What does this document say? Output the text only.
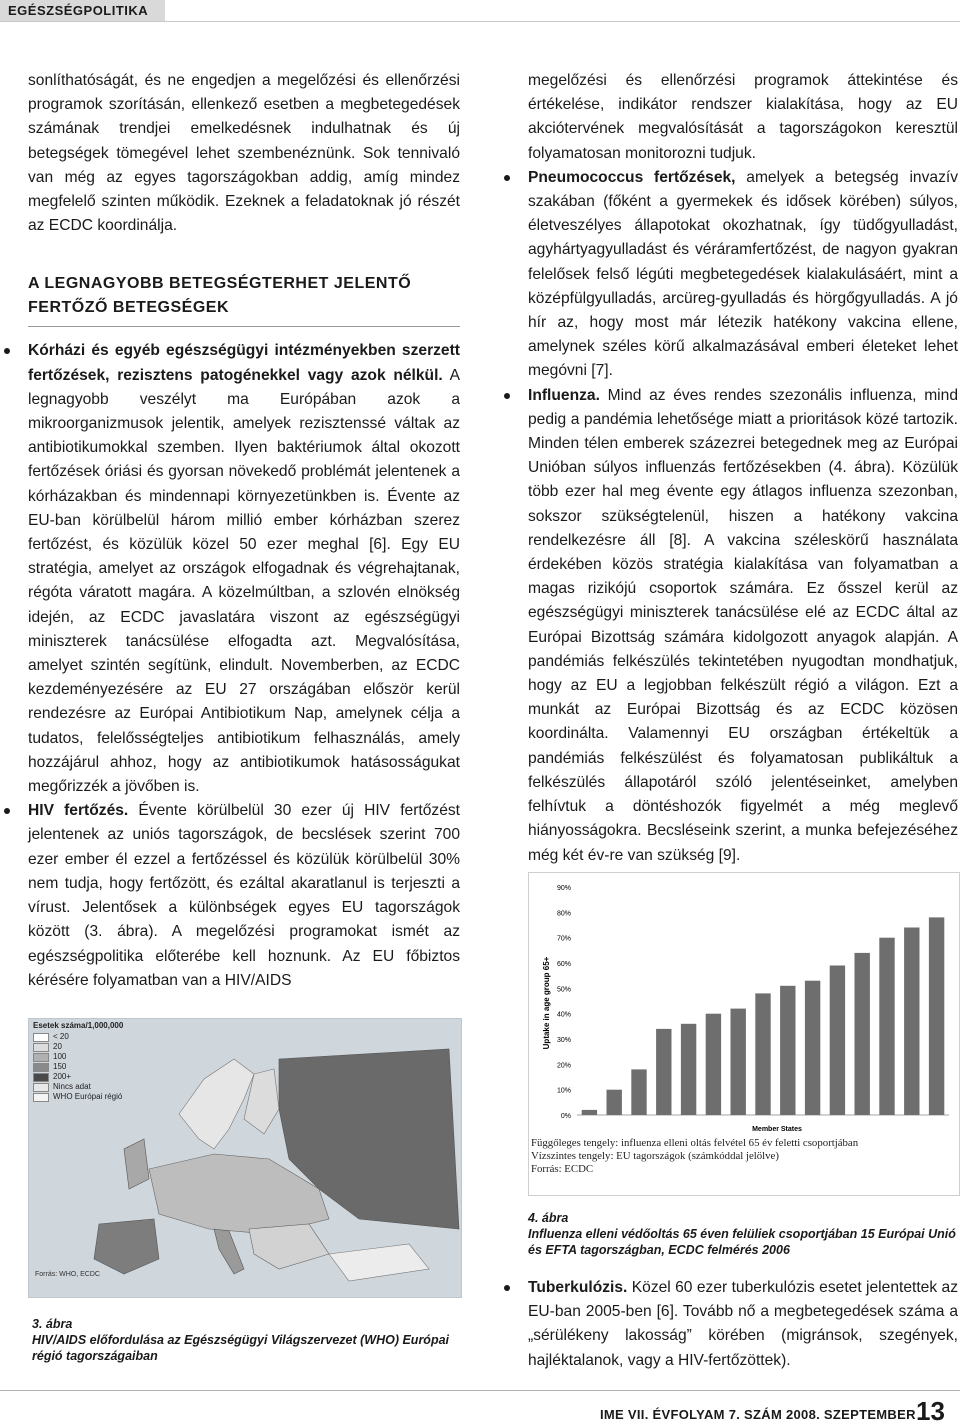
EGÉSZSÉGPOLITIKA

sonlíthatóságát, és ne engedjen a megelőzési és ellenőrzési programok szorításán, ellenkező esetben a megbetegedések számának trendjei emelkedésnek indulhatnak és új betegségek tömegével lehet szembenéznünk. Sok tennivaló van még az egyes tagországokban addig, amíg mindez megfelelő szinten működik. Ezeknek a feladatoknak jó részét az ECDC koordinálja.

A LEGNAGYOBB BETEGSÉGTERHET JELENTŐ FERTŐZŐ BETEGSÉGEK

Kórházi és egyéb egészségügyi intézményekben szerzett fertőzések, rezisztens patogénekkel vagy azok nélkül. A legnagyobb veszélyt ma Európában azok a mikroorganizmusok jelentik, amelyek rezisztenssé váltak az antibiotikumokkal szemben. Ilyen baktériumok által okozott fertőzések óriási és gyorsan növekedő problémát jelentenek a kórházakban és mindennapi környezetünkben is. Évente az EU-ban körülbelül három millió ember kórházban szerez fertőzést, és közülük közel 50 ezer meghal [6]. Egy EU stratégia, amelyet az országok elfogadnak és végrehajtanak, régóta váratott magára. A közelmúltban, a szlovén elnökség idején, az ECDC javaslatára viszont az egészségügyi miniszterek tanácsülése elfogadta azt. Megvalósítása, amelyet szintén segítünk, elindult. Novemberben, az ECDC kezdeményezésére az EU 27 országában először kerül rendezésre az Európai Antibiotikum Nap, amelynek célja a tudatos, felelősségteljes antibiotikum felhasználás, amely hozzájárul ahhoz, hogy az antibiotikumok hatásosságukat megőrizzék a jövőben is.

HIV fertőzés. Évente körülbelül 30 ezer új HIV fertőzést jelentenek az uniós tagországok, de becslések szerint 700 ezer ember él ezzel a fertőzéssel és közülük körülbelül 30% nem tudja, hogy fertőzött, és ezáltal akaratlanul is terjeszti a vírust. Jelentősek a különbségek egyes EU tagországok között (3. ábra). A megelőzési programokat ismét az egészségpolitika előterébe kell hoznunk. Az EU főbiztos kérésére folyamatban van a HIV/AIDS

megelőzési és ellenőrzési programok áttekintése és értékelése, indikátor rendszer kialakítása, hogy az EU akciótervének megvalósítását a tagországokon keresztül folyamatosan monitorozni tudjuk.

Pneumococcus fertőzések, amelyek a betegség invazív szakában (főként a gyermekek és idősek körében) súlyos, életveszélyes állapotokat okozhatnak, így tüdőgyulladást, agyhártyagyulladást és véráramfertőzést, de nagyon gyakran felelősek felső légúti megbetegedések kialakulásáért, mint a középfülgyulladás, arcüreg-gyulladás és hörgőgyulladás. A jó hír az, hogy most már létezik hatékony vakcina ellene, amelynek széles körű alkalmazásával emberi életeket lehet megóvni [7].

Influenza. Mind az éves rendes szezonális influenza, mind pedig a pandémia lehetősége miatt a prioritások közé tartozik. Minden télen emberek százezrei betegednek meg az Európai Unióban súlyos influenzás fertőzésekben (4. ábra). Közülük több ezer hal meg évente egy átlagos influenza szezonban, sokszor szükségtelenül, hiszen a hatékony vakcina rendelkezésre áll [8]. A vakcina széleskörű használata érdekében közös stratégia kialakítása van folyamatban a magas rizikójú csoportok számára. Ez ősszel kerül az egészségügyi miniszterek tanácsülése elé az ECDC által az Európai Bizottság számára kidolgozott anyagok alapján. A pandémiás felkészülés tekintetében nyugodtan mondhatjuk, hogy az EU a legjobban felkészült régió a világon. Ezt a munkát az Európai Bizottság és az ECDC közösen koordinálta. Valamennyi EU országban értékeltük a pandémiás felkészülést és folyamatosan publikáltuk a felkészülés állapotáról szóló jelentéseinket, amelyben felhívtuk a döntéshozók figyelmét a még meglevő hiányosságokra. Becsléseink szerint, a munka befejezéséhez még két év-re van szükség [9].

Uptake in age group 65+
Member States
0%
10%
20%
30%
40%
50%
60%
70%
80%
90%
Függőleges tengely: influenza elleni oltás felvétel 65 év feletti csoportjában
Vízszintes tengely: EU tagországok (számkóddal jelölve)
Forrás: ECDC
4. ábra
Influenza elleni védőoltás 65 éven felüliek csoportjában 15 Európai Unió és EFTA tagországban, ECDC felmérés 2006

Tuberkulózis. Közel 60 ezer tuberkulózis esetet jelentettek az EU-ban 2005-ben [6]. Tovább nő a megbetegedések száma a „sérülékeny lakosság” körében (migránsok, szegények, hajléktalanok, vagy a HIV-fertőzöttek).

Esetek száma/1,000,000
< 20
20
100
150
200+
Nincs adat
WHO Európai régió
Forrás: WHO, ECDC
3. ábra
HIV/AIDS előfordulása az Egészségügyi Világszervezet (WHO) Európai régió tagországaiban
IME VII. ÉVFOLYAM 7. SZÁM 2008. SZEPTEMBER 13
